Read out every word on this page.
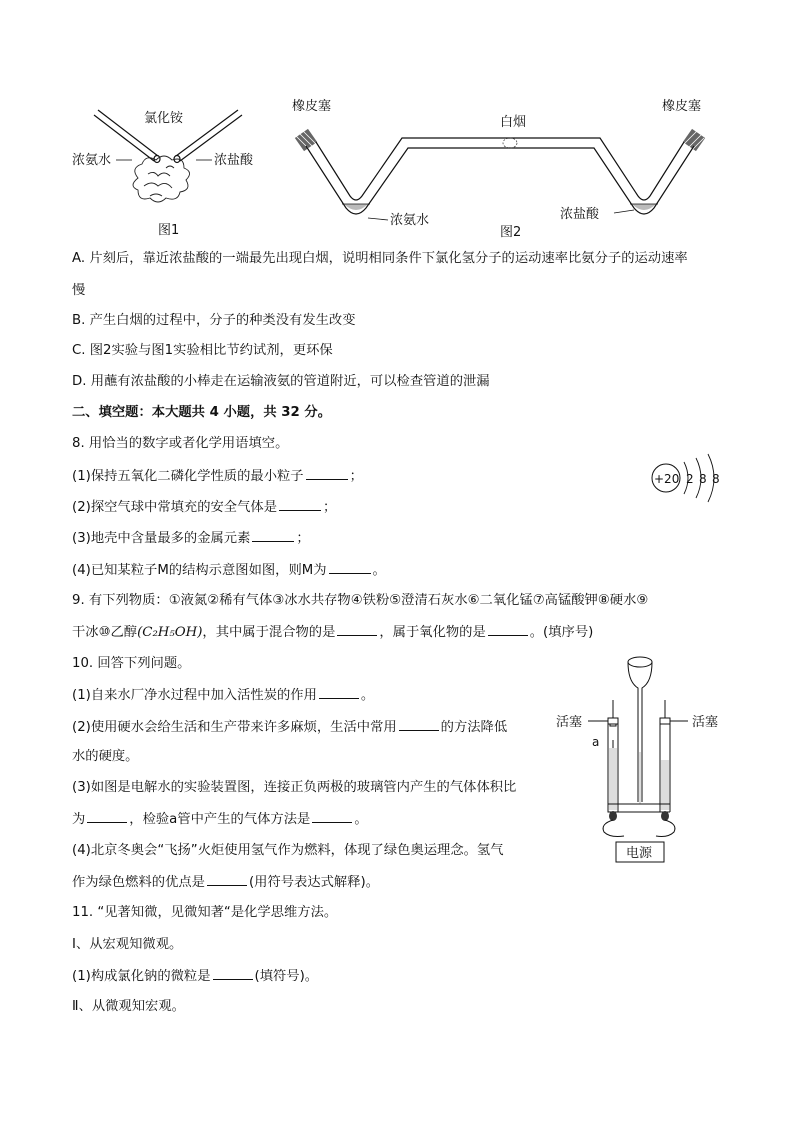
氯化铵
浓氨水	浓盐酸
图1
橡皮塞	橡皮塞
白烟
浓氨水	浓盐酸
图2
A. 片刻后，靠近浓盐酸的一端最先出现白烟，说明相同条件下氯化氢分子的运动速率比氨分子的运动速率
慢
B. 产生白烟的过程中，分子的种类没有发生改变
C. 图2实验与图1实验相比节约试剂，更环保
D. 用蘸有浓盐酸的小棒走在运输液氨的管道附近，可以检查管道的泄漏
二、填空题：本大题共 4 小题，共 32 分。
8. 用恰当的数字或者化学用语填空。
(1)保持五氧化二磷化学性质的最小粒子	；
(2)探空气球中常填充的安全气体是	；
(3)地壳中含量最多的金属元素	；
(4)已知某粒子M的结构示意图如图，则M为	。
+20 2 8 8
9. 有下列物质：①液氮②稀有气体③冰水共存物④铁粉⑤澄清石灰水⑥二氧化锰⑦高锰酸钾⑧硬水⑨
干冰⑩乙醇(C₂H₅OH)，其中属于混合物的是	，属于氧化物的是	。(填序号)
10. 回答下列问题。
(1)自来水厂净水过程中加入活性炭的作用	。
(2)使用硬水会给生活和生产带来许多麻烦，生活中常用	的方法降低
水的硬度。
(3)如图是电解水的实验装置图，连接正负两极的玻璃管内产生的气体体积比
为	，检验a管中产生的气体方法是	。
(4)北京冬奥会“飞扬”火炬使用氢气作为燃料，体现了绿色奥运理念。氢气
作为绿色燃料的优点是	(用符号表达式解释)。
活塞	活塞
a
电源
11. “见著知微，见微知著“是化学思维方法。
Ⅰ、从宏观知微观。
(1)构成氯化钠的微粒是	(填符号)。
Ⅱ、从微观知宏观。
